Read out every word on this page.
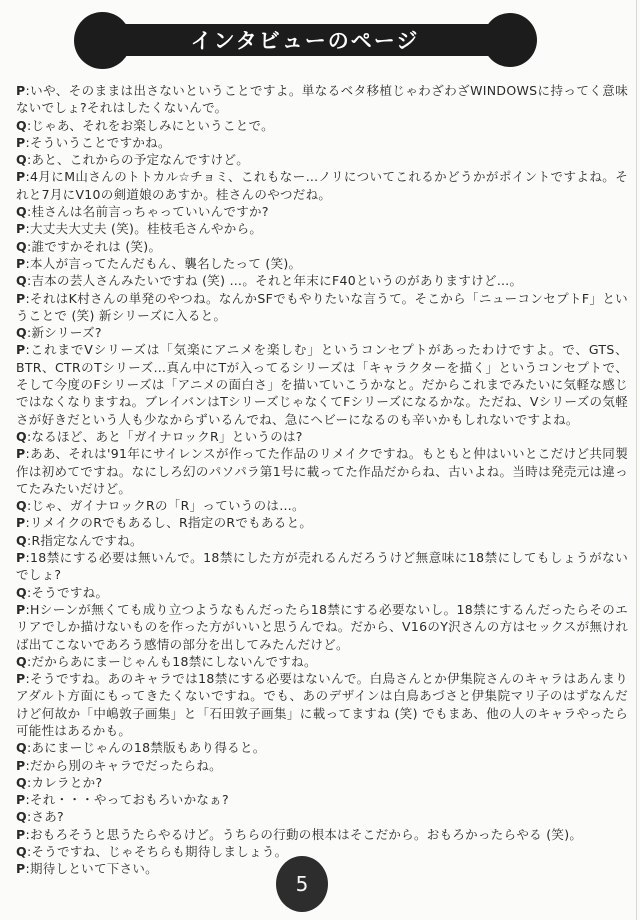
インタビューのページ

P:いや、そのままは出さないということですよ。単なるベタ移植じゃわざわざWINDOWSに持ってく意味ないでしょ?それはしたくないんで。

Q:じゃあ、それをお楽しみにということで。

P:そういうことですかね。

Q:あと、これからの予定なんですけど。

P:4月にM山さんのトトカル☆チョミ、これもなー…ノリについてこれるかどうかがポイントですよね。それと7月にV10の剣道娘のあすか。桂さんのやつだね。

Q:桂さんは名前言っちゃっていいんですか?

P:大丈夫大丈夫 (笑)。桂枝毛さんやから。

Q:誰ですかそれは (笑)。

P:本人が言ってたんだもん、襲名したって (笑)。

Q:吉本の芸人さんみたいですね (笑) …。それと年末にF40というのがありますけど…。

P:それはK村さんの単発のやつね。なんかSFでもやりたいな言うて。そこから「ニューコンセプトF」ということで (笑) 新シリーズに入ると。

Q:新シリーズ?

P:これまでVシリーズは「気楽にアニメを楽しむ」というコンセプトがあったわけですよ。で、GTS、BTR、CTRのTシリーズ…真ん中にTが入ってるシリーズは「キャラクターを描く」というコンセプトで、そして今度のFシリーズは「アニメの面白さ」を描いていこうかなと。だからこれまでみたいに気軽な感じではなくなりますね。ブレイバンはTシリーズじゃなくてFシリーズになるかな。ただね、Vシリーズの気軽さが好きだという人も少なからずいるんでね、急にヘビーになるのも辛いかもしれないですよね。

Q:なるほど、あと「ガイナロックR」というのは?

P:ああ、それは'91年にサイレンスが作ってた作品のリメイクですね。もともと仲はいいとこだけど共同製作は初めてですね。なにしろ幻のパソパラ第1号に載ってた作品だからね、古いよね。当時は発売元は違ってたみたいだけど。

Q:じゃ、ガイナロックRの「R」っていうのは…。

P:リメイクのRでもあるし、R指定のRでもあると。

Q:R指定なんですね。

P:18禁にする必要は無いんで。18禁にした方が売れるんだろうけど無意味に18禁にしてもしょうがないでしょ?

Q:そうですね。

P:Hシーンが無くても成り立つようなもんだったら18禁にする必要ないし。18禁にするんだったらそのエリアでしか描けないものを作った方がいいと思うんでね。だから、V16のY沢さんの方はセックスが無ければ出てこないであろう感情の部分を出してみたんだけど。

Q:だからあにまーじゃんも18禁にしないんですね。

P:そうですね。あのキャラでは18禁にする必要はないんで。白鳥さんとか伊集院さんのキャラはあんまりアダルト方面にもってきたくないですね。でも、あのデザインは白鳥あづさと伊集院マリ子のはずなんだけど何故か「中嶋敦子画集」と「石田敦子画集」に載ってますね (笑) でもまあ、他の人のキャラやったら可能性はあるかも。

Q:あにまーじゃんの18禁版もあり得ると。

P:だから別のキャラでだったらね。

Q:カレラとか?

P:それ・・・やっておもろいかなぁ?

Q:さあ?

P:おもろそうと思うたらやるけど。うちらの行動の根本はそこだから。おもろかったらやる (笑)。

Q:そうですね、じゃそちらも期待しましょう。

P:期待しといて下さい。

5
